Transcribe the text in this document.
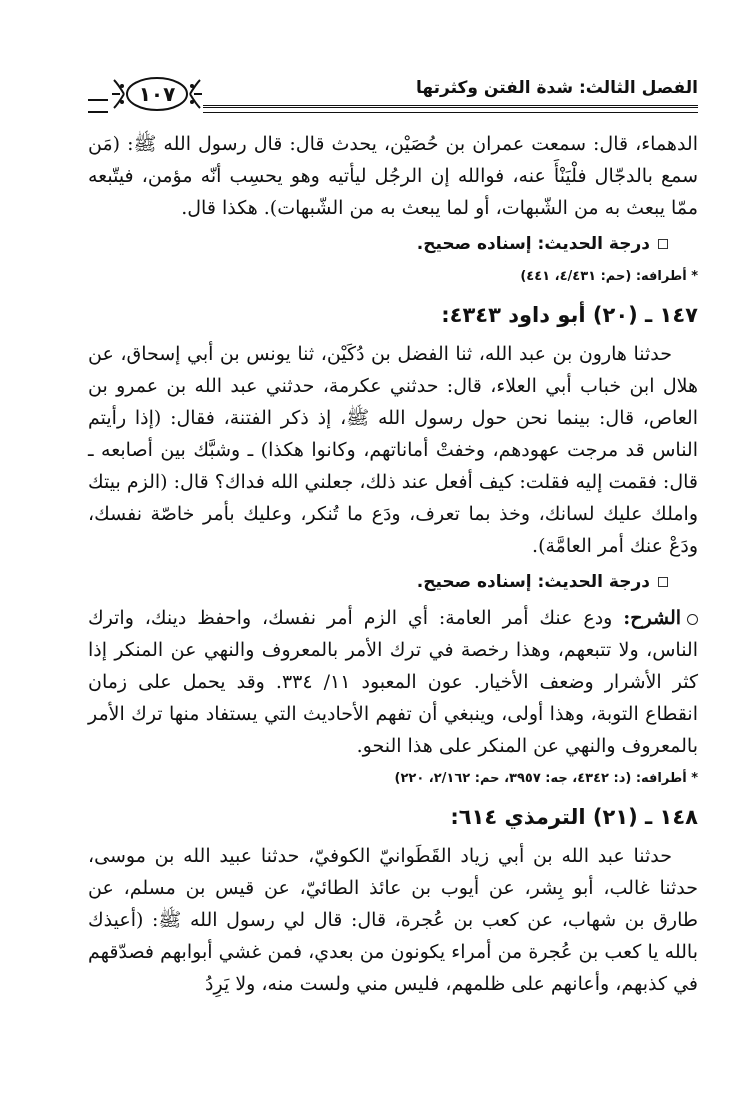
الفصل الثالث: شدة الفتن وكثرتها
١٠٧

الدهماء، قال: سمعت عمران بن حُصَيْن، يحدث قال: قال رسول الله ﷺ: (مَن سمع بالدجّال فلْيَنْأَ عنه، فوالله إن الرجُل ليأتيه وهو يحسِب أنّه مؤمن، فيتّبعه ممّا يبعث به من الشّبهات، أو لما يبعث به من الشّبهات). هكذا قال.

درجة الحديث: إسناده صحيح.
* أطرافه: (حم: ٤/٤٣١، ٤٤١)
١٤٧ ـ (٢٠) أبو داود ٤٣٤٣:

حدثنا هارون بن عبد الله، ثنا الفضل بن دُكَيْن، ثنا يونس بن أبي إسحاق، عن هلال ابن خباب أبي العلاء، قال: حدثني عكرمة، حدثني عبد الله بن عمرو بن العاص، قال: بينما نحن حول رسول الله ﷺ، إذ ذكر الفتنة، فقال: (إذا رأيتم الناس قد مرجت عهودهم، وخفتْ أماناتهم، وكانوا هكذا) ـ وشبَّك بين أصابعه ـ قال: فقمت إليه فقلت: كيف أفعل عند ذلك، جعلني الله فداك؟ قال: (الزم بيتك واملك عليك لسانك، وخذ بما تعرف، ودَع ما تُنكر، وعليك بأمر خاصّة نفسك، ودَعْ عنك أمر العامَّة).

درجة الحديث: إسناده صحيح.

الشرح: ودع عنك أمر العامة: أي الزم أمر نفسك، واحفظ دينك، واترك الناس، ولا تتبعهم، وهذا رخصة في ترك الأمر بالمعروف والنهي عن المنكر إذا كثر الأشرار وضعف الأخيار. عون المعبود ١١/ ٣٣٤. وقد يحمل على زمان انقطاع التوبة، وهذا أولى، وينبغي أن تفهم الأحاديث التي يستفاد منها ترك الأمر بالمعروف والنهي عن المنكر على هذا النحو.

* أطرافه: (د: ٤٣٤٢، جه: ٣٩٥٧، حم: ٢/١٦٢، ٢٢٠)
١٤٨ ـ (٢١) الترمذي ٦١٤:

حدثنا عبد الله بن أبي زياد القَطَوانيّ الكوفيّ، حدثنا عبيد الله بن موسى، حدثنا غالب، أبو بِشر، عن أيوب بن عائذ الطائيّ، عن قيس بن مسلم، عن طارق بن شهاب، عن كعب بن عُجرة، قال: قال لي رسول الله ﷺ: (أعيذك بالله يا كعب بن عُجرة من أمراء يكونون من بعدي، فمن غشي أبوابهم فصدّقهم في كذبهم، وأعانهم على ظلمهم، فليس مني ولست منه، ولا يَرِدُ
